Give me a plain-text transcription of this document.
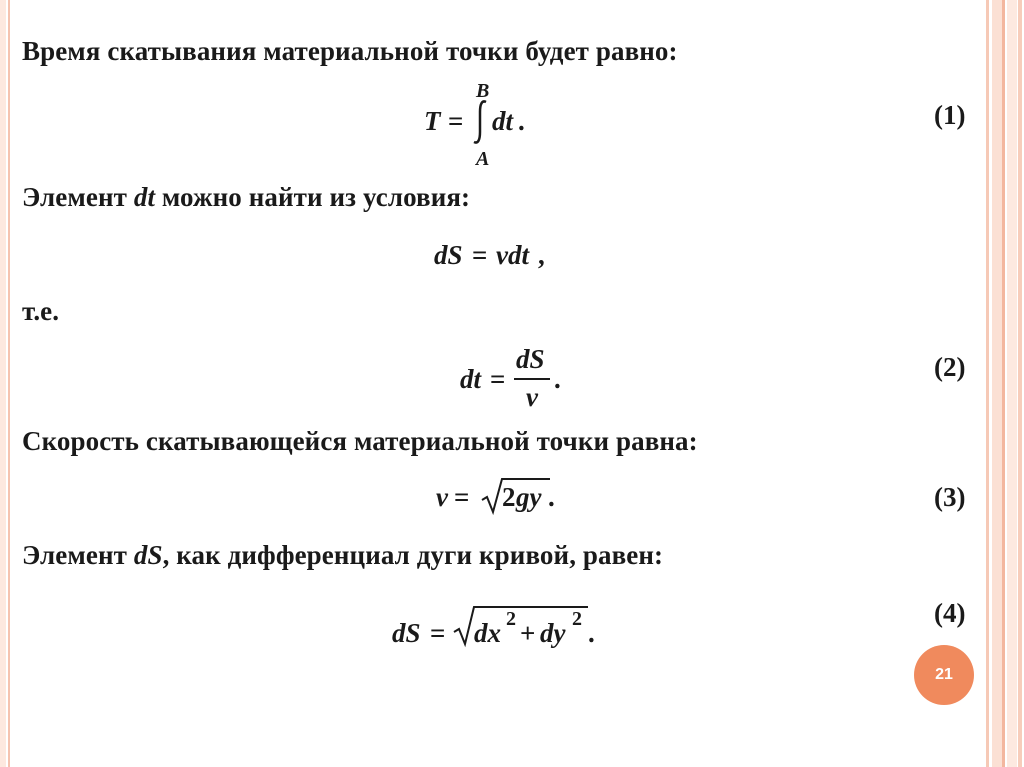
Время скатывания материальной точки будет равно:
T =
B
A
dt .	(1)
Элемент dt можно найти из условия:
dS = vdt ,
т.е.
dt =
dS
v
.	(2)
Скорость скатывающейся материальной точки равна:
v = 2 gy .	(3)
Элемент dS, как дифференциал дуги кривой, равен:
dS = dx 2 + dy 2 .
(4)
21
